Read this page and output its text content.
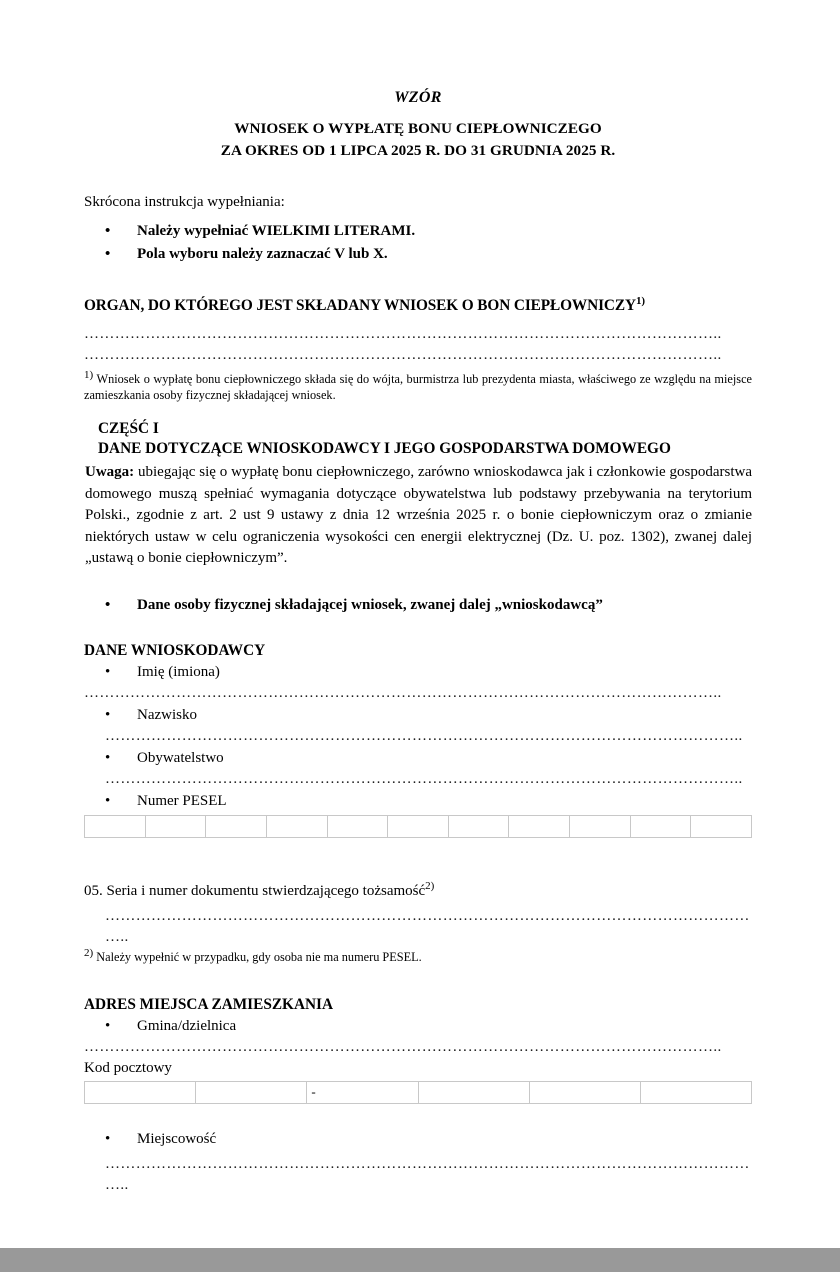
WZÓR
WNIOSEK O WYPŁATĘ BONU CIEPŁOWNICZEGO
ZA OKRES OD 1 LIPCA 2025 R. DO 31 GRUDNIA 2025 R.
Skrócona instrukcja wypełniania:
• Należy wypełniać WIELKIMI LITERAMI.
• Pola wyboru należy zaznaczać V lub X.
ORGAN, DO KTÓREGO JEST SKŁADANY WNIOSEK O BON CIEPŁOWNICZY$^{1)}$
……………………………………………………………………………………………………………..
……………………………………………………………………………………………………………..
1) Wniosek o wypłatę bonu ciepłowniczego składa się do wójta, burmistrza lub prezydenta miasta, właściwego ze względu na miejsce zamieszkania osoby fizycznej składającej wniosek.
CZĘŚĆ I
DANE DOTYCZĄCE WNIOSKODAWCY I JEGO GOSPODARSTWA DOMOWEGO
Uwaga: ubiegając się o wypłatę bonu ciepłowniczego, zarówno wnioskodawca jak i członkowie gospodarstwa domowego muszą spełniać wymagania dotyczące obywatelstwa lub podstawy przebywania na terytorium Polski., zgodnie z art. 2 ust 9 ustawy z dnia 12 września 2025 r. o bonie ciepłowniczym oraz o zmianie niektórych ustaw w celu ograniczenia wysokości cen energii elektrycznej (Dz. U. poz. 1302), zwanej dalej „ustawą o bonie ciepłowniczym”.
• Dane osoby fizycznej składającej wniosek, zwanej dalej „wnioskodawcą”
DANE WNIOSKODAWCY
• Imię (imiona)
……………………………………………………………………………………………………………..
• Nazwisko
……………………………………………………………………………………………………………..
• Obywatelstwo
……………………………………………………………………………………………………………..
• Numer PESEL
05. Seria i numer dokumentu stwierdzającego tożsamość$^{2)}$
………………………………………………………………………………………………………………
…..
2) Należy wypełnić w przypadku, gdy osoba nie ma numeru PESEL.
ADRES MIEJSCA ZAMIESZKANIA
• Gmina/dzielnica
……………………………………………………………………………………………………………..
Kod pocztowy
-
• Miejscowość
………………………………………………………………………………………………………………
…..
